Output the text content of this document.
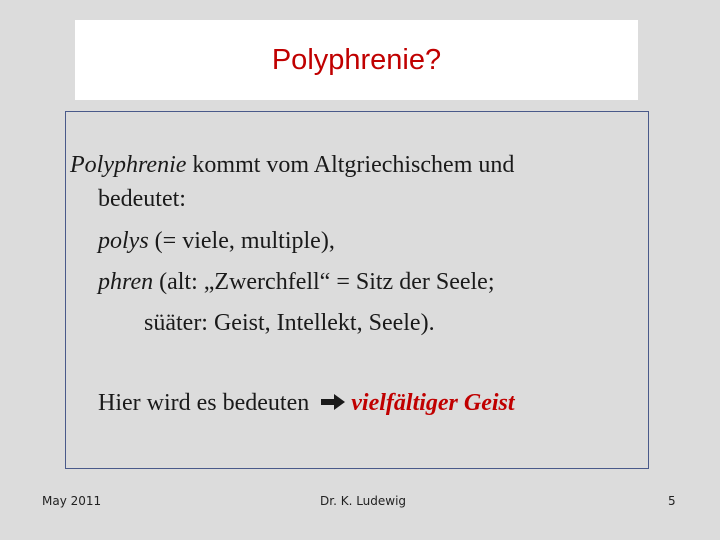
Polyphrenie?
Polyphrenie kommt vom Altgriechischem und
bedeutet:
polys (= viele, multiple),
phren (alt: „Zwerchfell“ = Sitz der Seele;
süäter: Geist, Intellekt, Seele).
Hier wird es bedeuten vielfältiger Geist
May 2011	Dr. K. Ludewig	5
